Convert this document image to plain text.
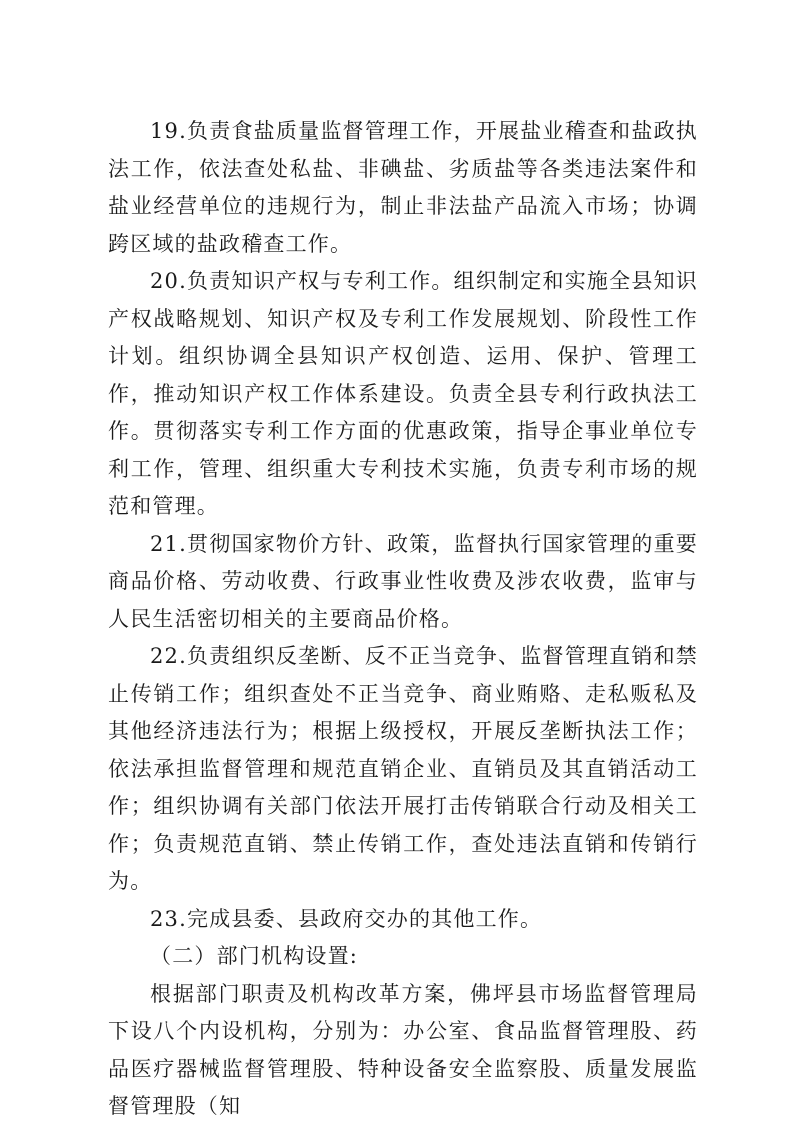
19.负责食盐质量监督管理工作，开展盐业稽查和盐政执法工作，依法查处私盐、非碘盐、劣质盐等各类违法案件和盐业经营单位的违规行为，制止非法盐产品流入市场；协调跨区域的盐政稽查工作。

20.负责知识产权与专利工作。组织制定和实施全县知识产权战略规划、知识产权及专利工作发展规划、阶段性工作计划。组织协调全县知识产权创造、运用、保护、管理工作，推动知识产权工作体系建设。负责全县专利行政执法工作。贯彻落实专利工作方面的优惠政策，指导企事业单位专利工作，管理、组织重大专利技术实施，负责专利市场的规范和管理。

21.贯彻国家物价方针、政策，监督执行国家管理的重要商品价格、劳动收费、行政事业性收费及涉农收费，监审与人民生活密切相关的主要商品价格。

22.负责组织反垄断、反不正当竞争、监督管理直销和禁止传销工作；组织查处不正当竞争、商业贿赂、走私贩私及其他经济违法行为；根据上级授权，开展反垄断执法工作；依法承担监督管理和规范直销企业、直销员及其直销活动工作；组织协调有关部门依法开展打击传销联合行动及相关工作；负责规范直销、禁止传销工作，查处违法直销和传销行为。

23.完成县委、县政府交办的其他工作。

（二）部门机构设置:

根据部门职责及机构改革方案，佛坪县市场监督管理局下设八个内设机构，分别为：办公室、食品监督管理股、药品医疗器械监督管理股、特种设备安全监察股、质量发展监督管理股（知
